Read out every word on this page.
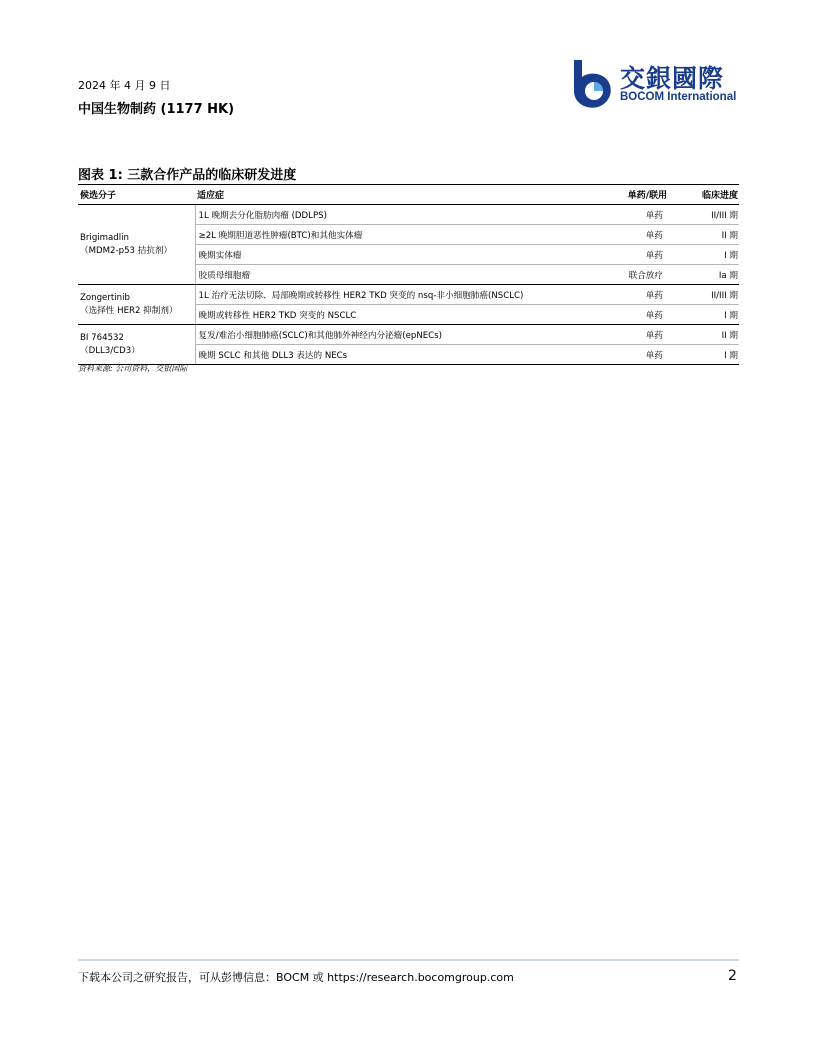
2024 年 4 月 9 日
中国生物制药 (1177 HK)
交銀國際
BOCOM International
图表 1: 三款合作产品的临床研发进度
候选分子	适应症	单药/联用	临床进度

Brigimadlin
（MDM2-p53 拮抗剂）	1L 晚期去分化脂肪肉瘤 (DDLPS)	单药	II/III 期
	≥2L 晚期胆道恶性肿瘤(BTC)和其他实体瘤	单药	II 期
	晚期实体瘤	单药	I 期
	胶质母细胞瘤	联合放疗	Ia 期

Zongertinib
（选择性 HER2 抑制剂）	1L 治疗无法切除、局部晚期或转移性 HER2 TKD 突变的 nsq-非小细胞肺癌(NSCLC)	单药	II/III 期
	晚期或转移性 HER2 TKD 突变的 NSCLC	单药	I 期

BI 764532
（DLL3/CD3）	复发/难治小细胞肺癌(SCLC)和其他肺外神经内分泌瘤(epNECs)	单药	II 期
	晚期 SCLC 和其他 DLL3 表达的 NECs	单药	I 期
资料来源: 公司资料，交银国际
下载本公司之研究报告，可从彭博信息：BOCM 或 https://research.bocomgroup.com	2
